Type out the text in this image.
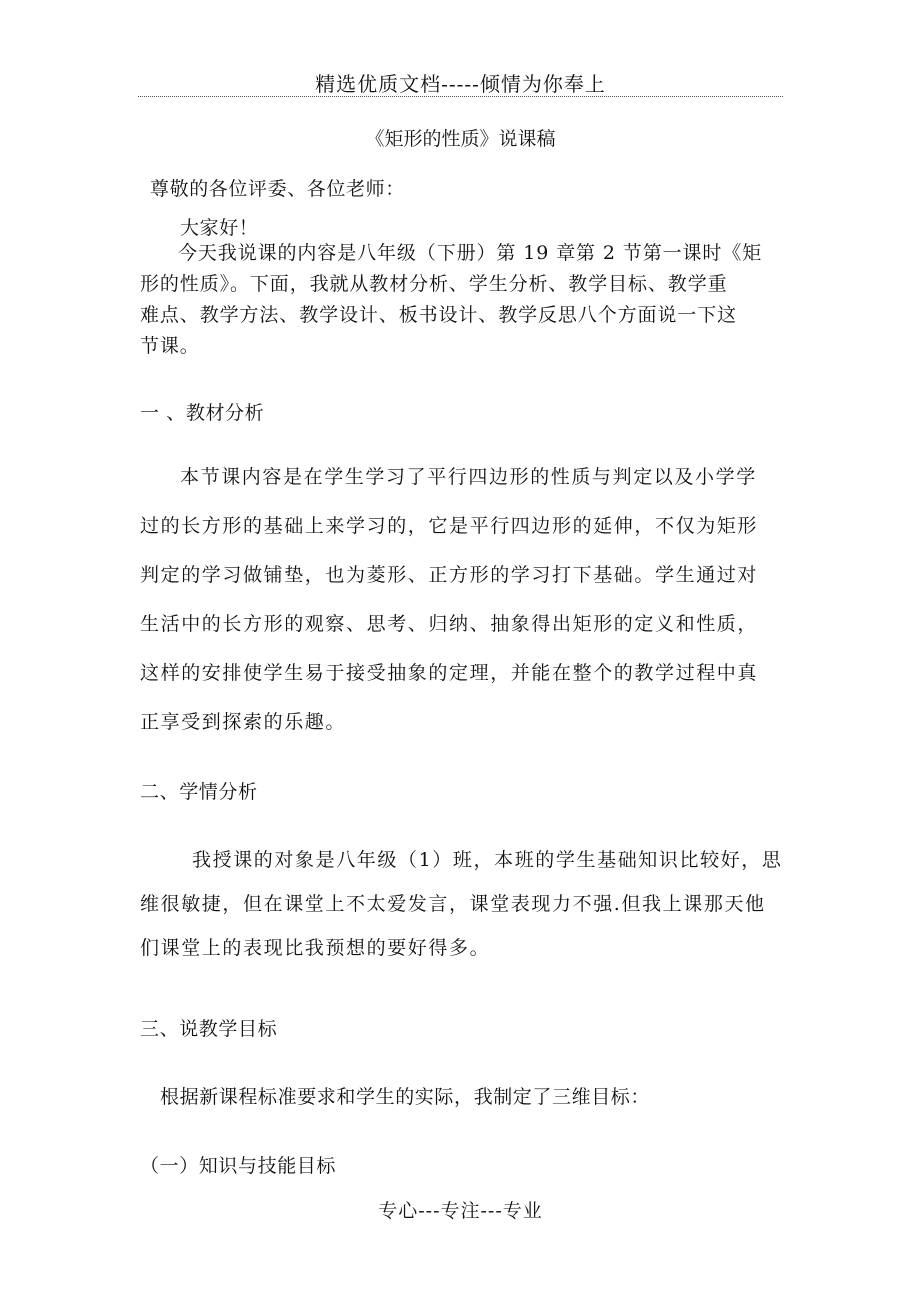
精选优质文档-----倾情为你奉上
《矩形的性质》说课稿
尊敬的各位评委、各位老师：
大家好！
今天我说课的内容是八年级（下册）第 19 章第 2 节第一课时《矩
形的性质》。下面，我就从教材分析、学生分析、教学目标、教学重
难点、教学方法、教学设计、板书设计、教学反思八个方面说一下这
节课。
一 、教材分析
本节课内容是在学生学习了平行四边形的性质与判定以及小学学
过的长方形的基础上来学习的，它是平行四边形的延伸，不仅为矩形
判定的学习做铺垫，也为菱形、正方形的学习打下基础。学生通过对
生活中的长方形的观察、思考、归纳、抽象得出矩形的定义和性质，
这样的安排使学生易于接受抽象的定理，并能在整个的教学过程中真
正享受到探索的乐趣。
二、学情分析
我授课的对象是八年级（1）班，本班的学生基础知识比较好，思
维很敏捷，但在课堂上不太爱发言，课堂表现力不强.但我上课那天他
们课堂上的表现比我预想的要好得多。
三、说教学目标
根据新课程标准要求和学生的实际，我制定了三维目标：
（一）知识与技能目标
专心---专注---专业
